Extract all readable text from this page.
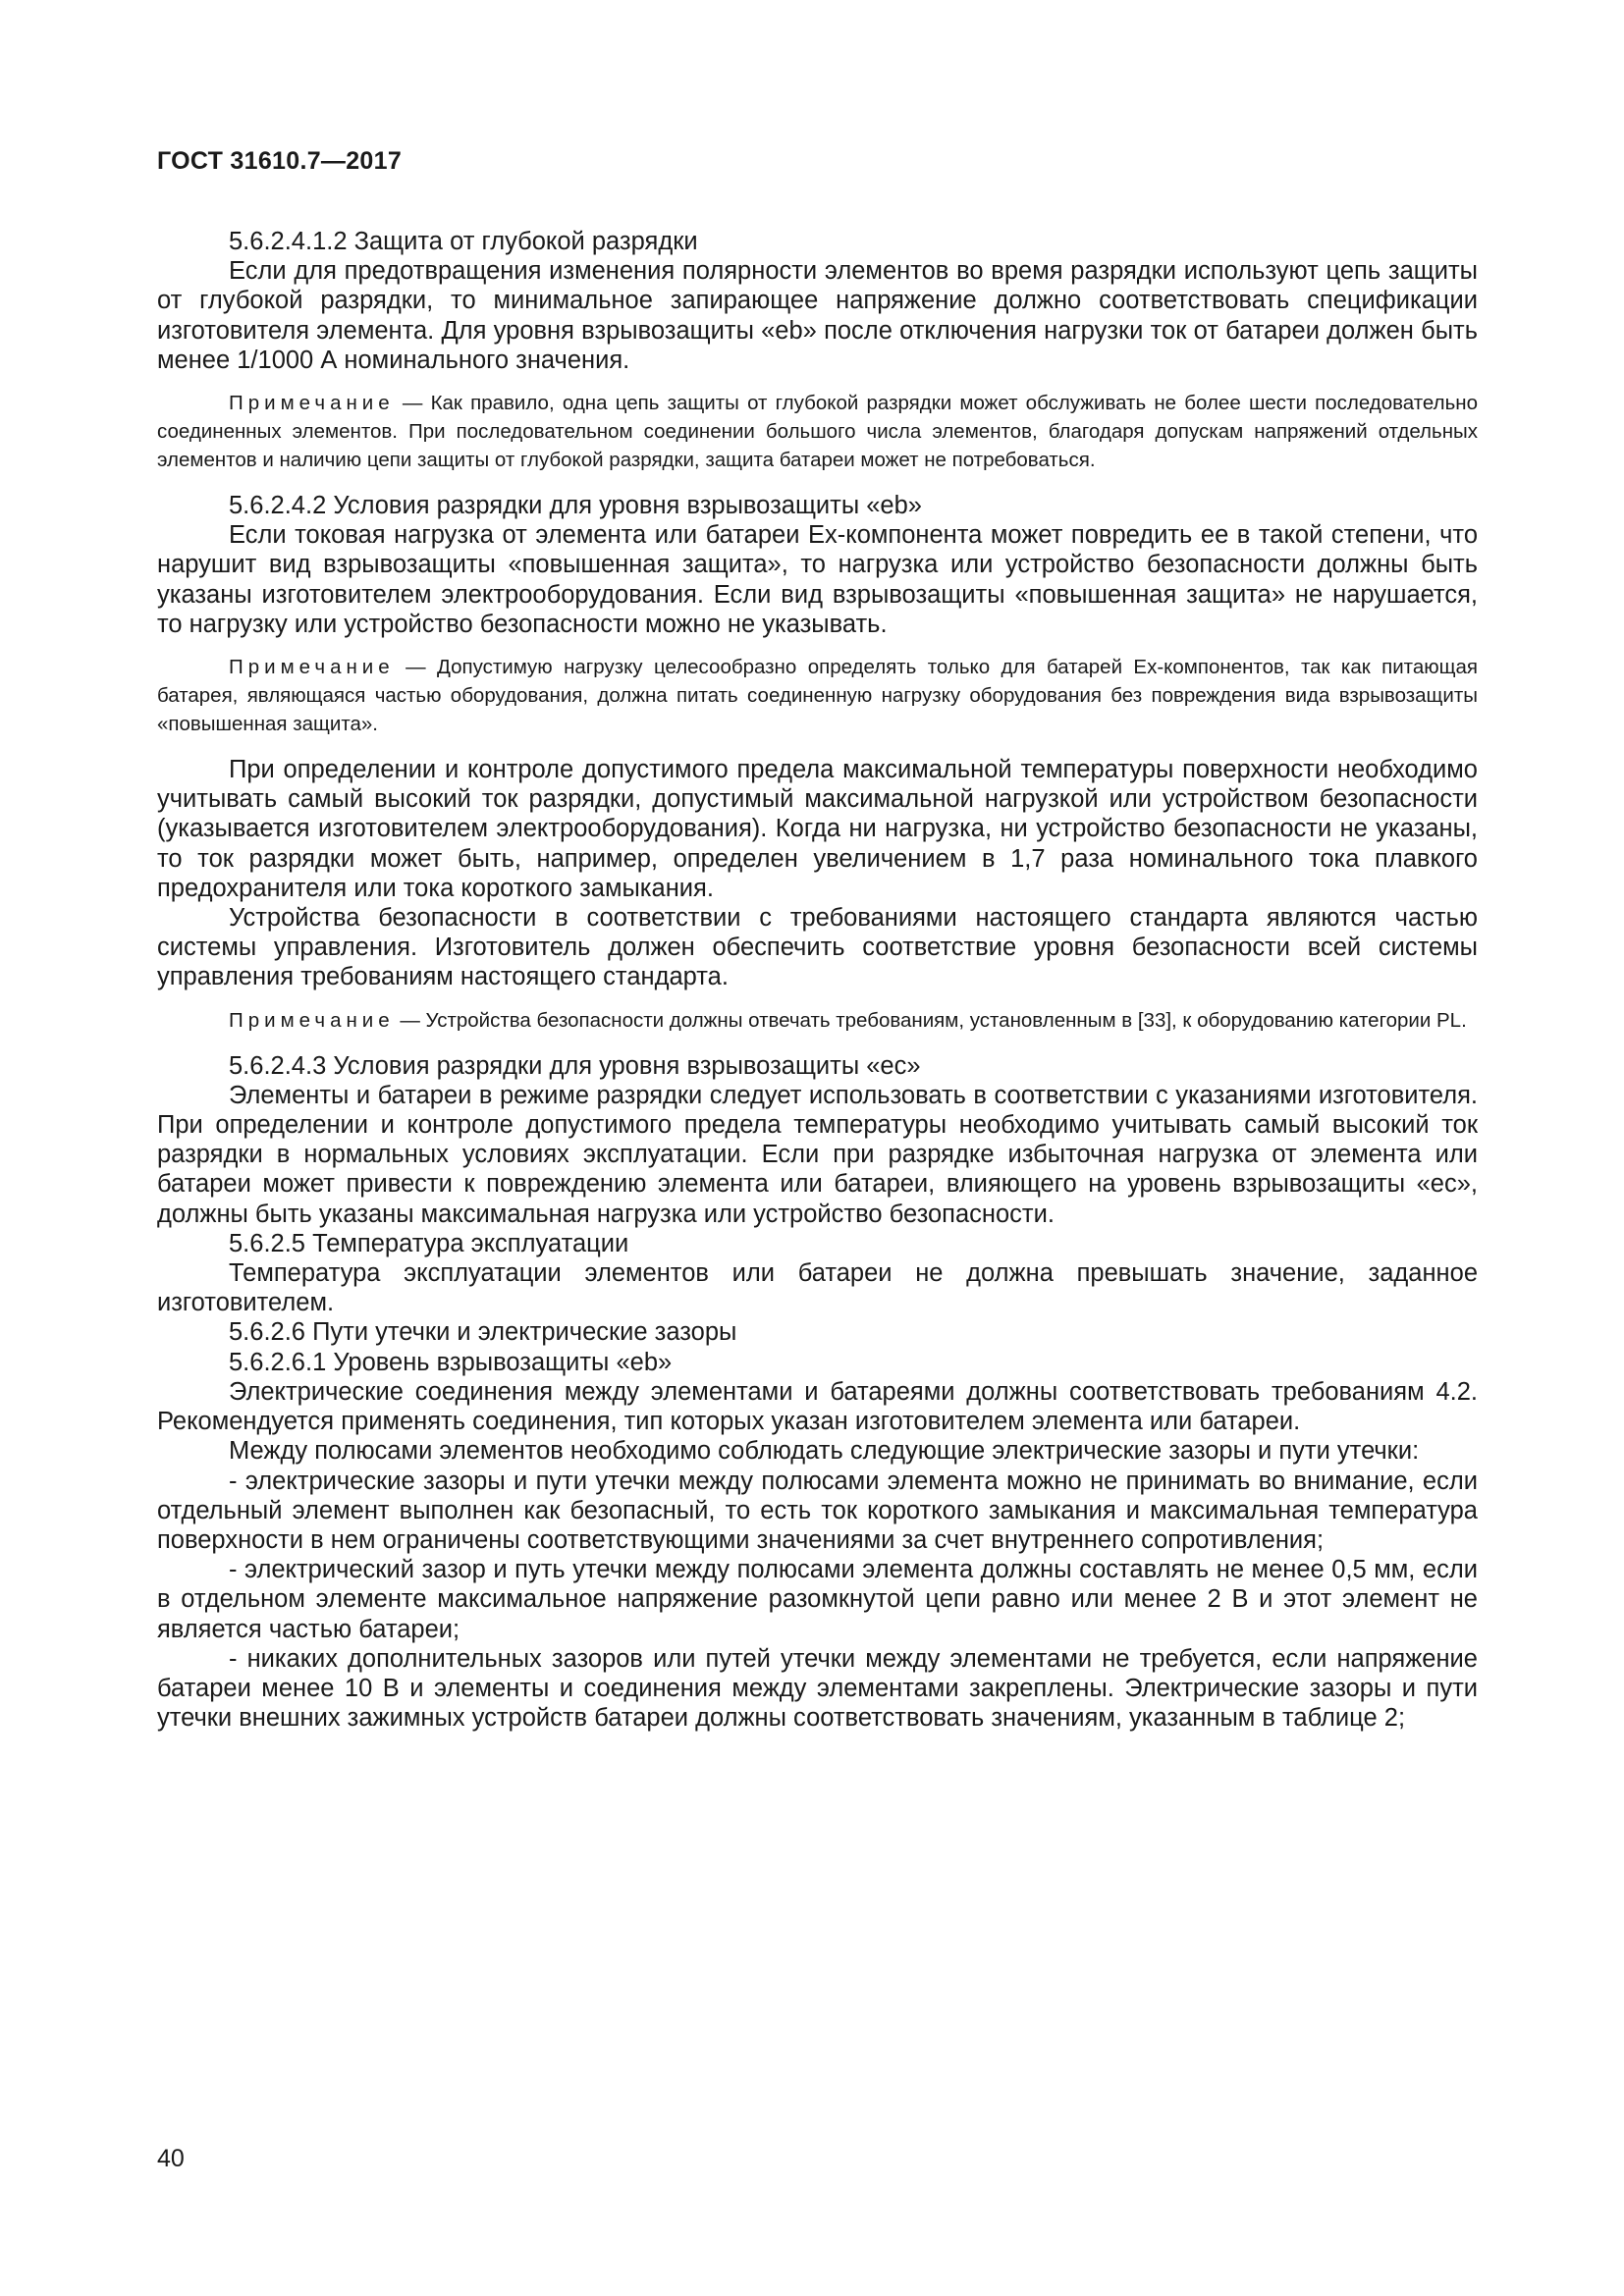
ГОСТ 31610.7—2017
5.6.2.4.1.2 Защита от глубокой разрядки
Если для предотвращения изменения полярности элементов во время разрядки используют цепь защиты от глубокой разрядки, то минимальное запирающее напряжение должно соответствовать спецификации изготовителя элемента. Для уровня взрывозащиты «eb» после отключения нагрузки ток от батареи должен быть менее 1/1000 А номинального значения.
Примечание — Как правило, одна цепь защиты от глубокой разрядки может обслуживать не более шести последовательно соединенных элементов. При последовательном соединении большого числа элементов, благодаря допускам напряжений отдельных элементов и наличию цепи защиты от глубокой разрядки, защита батареи может не потребоваться.
5.6.2.4.2 Условия разрядки для уровня взрывозащиты «eb»
Если токовая нагрузка от элемента или батареи Ex-компонента может повредить ее в такой степени, что нарушит вид взрывозащиты «повышенная защита», то нагрузка или устройство безопасности должны быть указаны изготовителем электрооборудования. Если вид взрывозащиты «повышенная защита» не нарушается, то нагрузку или устройство безопасности можно не указывать.
Примечание — Допустимую нагрузку целесообразно определять только для батарей Ex-компонентов, так как питающая батарея, являющаяся частью оборудования, должна питать соединенную нагрузку оборудования без повреждения вида взрывозащиты «повышенная защита».
При определении и контроле допустимого предела максимальной температуры поверхности необходимо учитывать самый высокий ток разрядки, допустимый максимальной нагрузкой или устройством безопасности (указывается изготовителем электрооборудования). Когда ни нагрузка, ни устройство безопасности не указаны, то ток разрядки может быть, например, определен увеличением в 1,7 раза номинального тока плавкого предохранителя или тока короткого замыкания.
Устройства безопасности в соответствии с требованиями настоящего стандарта являются частью системы управления. Изготовитель должен обеспечить соответствие уровня безопасности всей системы управления требованиям настоящего стандарта.
Примечание — Устройства безопасности должны отвечать требованиям, установленным в [33], к оборудованию категории PL.
5.6.2.4.3 Условия разрядки для уровня взрывозащиты «ec»
Элементы и батареи в режиме разрядки следует использовать в соответствии с указаниями изготовителя. При определении и контроле допустимого предела температуры необходимо учитывать самый высокий ток разрядки в нормальных условиях эксплуатации. Если при разрядке избыточная нагрузка от элемента или батареи может привести к повреждению элемента или батареи, влияющего на уровень взрывозащиты «ec», должны быть указаны максимальная нагрузка или устройство безопасности.
5.6.2.5 Температура эксплуатации
Температура эксплуатации элементов или батареи не должна превышать значение, заданное изготовителем.
5.6.2.6 Пути утечки и электрические зазоры
5.6.2.6.1 Уровень взрывозащиты «eb»
Электрические соединения между элементами и батареями должны соответствовать требованиям 4.2. Рекомендуется применять соединения, тип которых указан изготовителем элемента или батареи.
Между полюсами элементов необходимо соблюдать следующие электрические зазоры и пути утечки:
- электрические зазоры и пути утечки между полюсами элемента можно не принимать во внимание, если отдельный элемент выполнен как безопасный, то есть ток короткого замыкания и максимальная температура поверхности в нем ограничены соответствующими значениями за счет внутреннего сопротивления;
- электрический зазор и путь утечки между полюсами элемента должны составлять не менее 0,5 мм, если в отдельном элементе максимальное напряжение разомкнутой цепи равно или менее 2 В и этот элемент не является частью батареи;
- никаких дополнительных зазоров или путей утечки между элементами не требуется, если напряжение батареи менее 10 В и элементы и соединения между элементами закреплены. Электрические зазоры и пути утечки внешних зажимных устройств батареи должны соответствовать значениям, указанным в таблице 2;
40
